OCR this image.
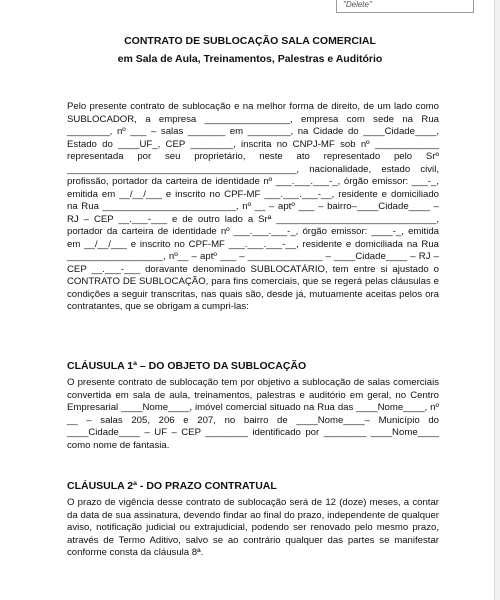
"Delete"
CONTRATO DE SUBLOCAÇÃO SALA COMERCIAL
em Sala de Aula, Treinamentos, Palestras e Auditório

Pelo presente contrato de sublocação e na melhor forma de direito, de um lado como SUBLOCADOR, a empresa ________________, empresa com sede na Rua ________, nº ___ – salas _______ em ________, na Cidade do ____Cidade____, Estado do ____UF_, CEP ________, inscrita no CNPJ-MF sob nº ____________ representada por seu proprietário, neste ato representado pelo Srº ___________________________________________, nacionalidade, estado civil, profissão, portador da carteira de identidade nº ___.___.___-_, órgão emissor: ___-_, emitida em __/__/___ e inscrito no CPF-MF ___.___.___-__, residente e domiciliado na Rua _________________________, nº __ – aptº ___ – bairro–____Cidade____ – RJ – CEP __.___-___ e de outro lado a Srª ______________________________, portador da carteira de identidade nº ___.___.___-_, órgão emissor: ____-_, emitida em __/__/___ e inscrito no CPF-MF ___.___.___-__, residente e domiciliada na Rua __________________, nº__ – aptº ___ – ______________ – ____Cidade____ – RJ – CEP __.___-___ doravante denominado SUBLOCATÁRIO, tem entre si ajustado o CONTRATO DE SUBLOCAÇÃO, para fins comerciais, que se regerá pelas cláusulas e condições a seguir transcritas, nas quais são, desde já, mutuamente aceitas pelos ora contratantes, que se obrigam a cumpri-las:

CLÁUSULA 1ª – DO OBJETO DA SUBLOCAÇÃO

O presente contrato de sublocação tem por objetivo a sublocação de salas comerciais convertida em sala de aula, treinamentos, palestras e auditório em geral, no Centro Empresarial ____Nome____, imóvel comercial situado na Rua das ____Nome____, nº __ – salas 205, 206 e 207, no bairro de ____Nome____– Município do ____Cidade____ – UF – CEP ________ identificado por ________ ____Nome____ como nome de fantasia.

CLÁUSULA 2ª - DO PRAZO CONTRATUAL

O prazo de vigência desse contrato de sublocação será de 12 (doze) meses, a contar da data de sua assinatura, devendo findar ao final do prazo, independente de qualquer aviso, notificação judicial ou extrajudicial, podendo ser renovado pelo mesmo prazo, através de Termo Aditivo, salvo se ao contrário qualquer das partes se manifestar conforme consta da cláusula 8ª.
